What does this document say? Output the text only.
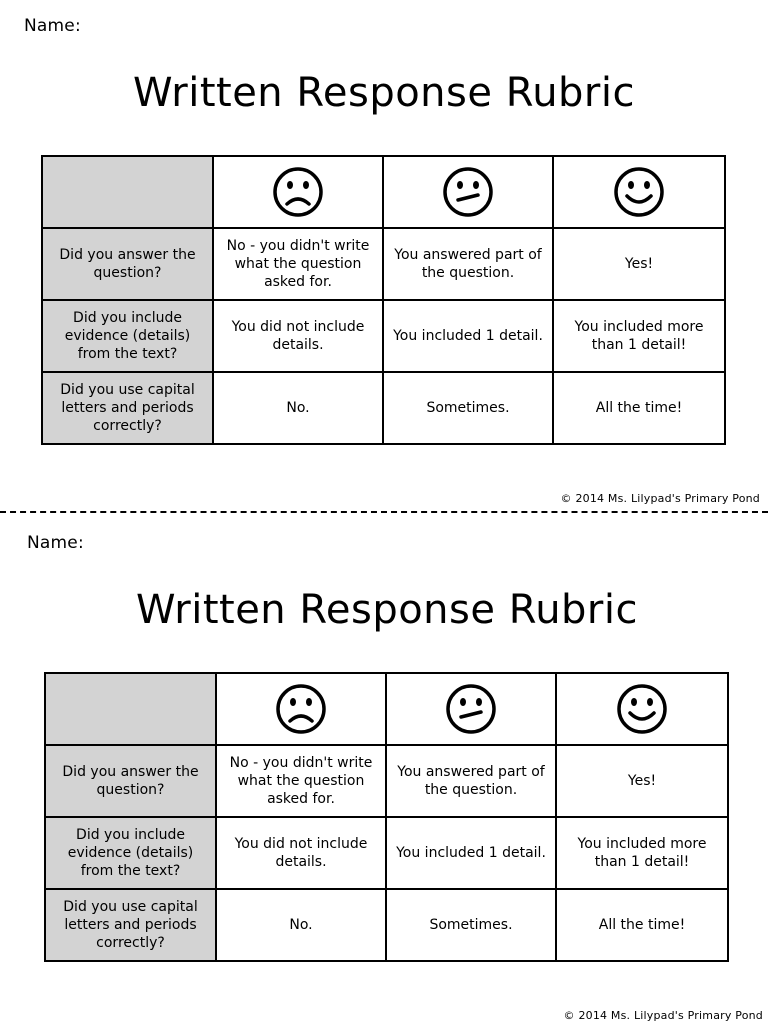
Name:
Written Response Rubric

Did you answer the question?	No - you didn't write what the question asked for.	You answered part of the question.	Yes!
Did you include evidence (details) from the text?	You did not include details.	You included 1 detail.	You included more than 1 detail!
Did you use capital letters and periods correctly?	No.	Sometimes.	All the time!
© 2014 Ms. Lilypad's Primary Pond
Name:
Written Response Rubric

Did you answer the question?	No - you didn't write what the question asked for.	You answered part of the question.	Yes!
Did you include evidence (details) from the text?	You did not include details.	You included 1 detail.	You included more than 1 detail!
Did you use capital letters and periods correctly?	No.	Sometimes.	All the time!
© 2014 Ms. Lilypad's Primary Pond
